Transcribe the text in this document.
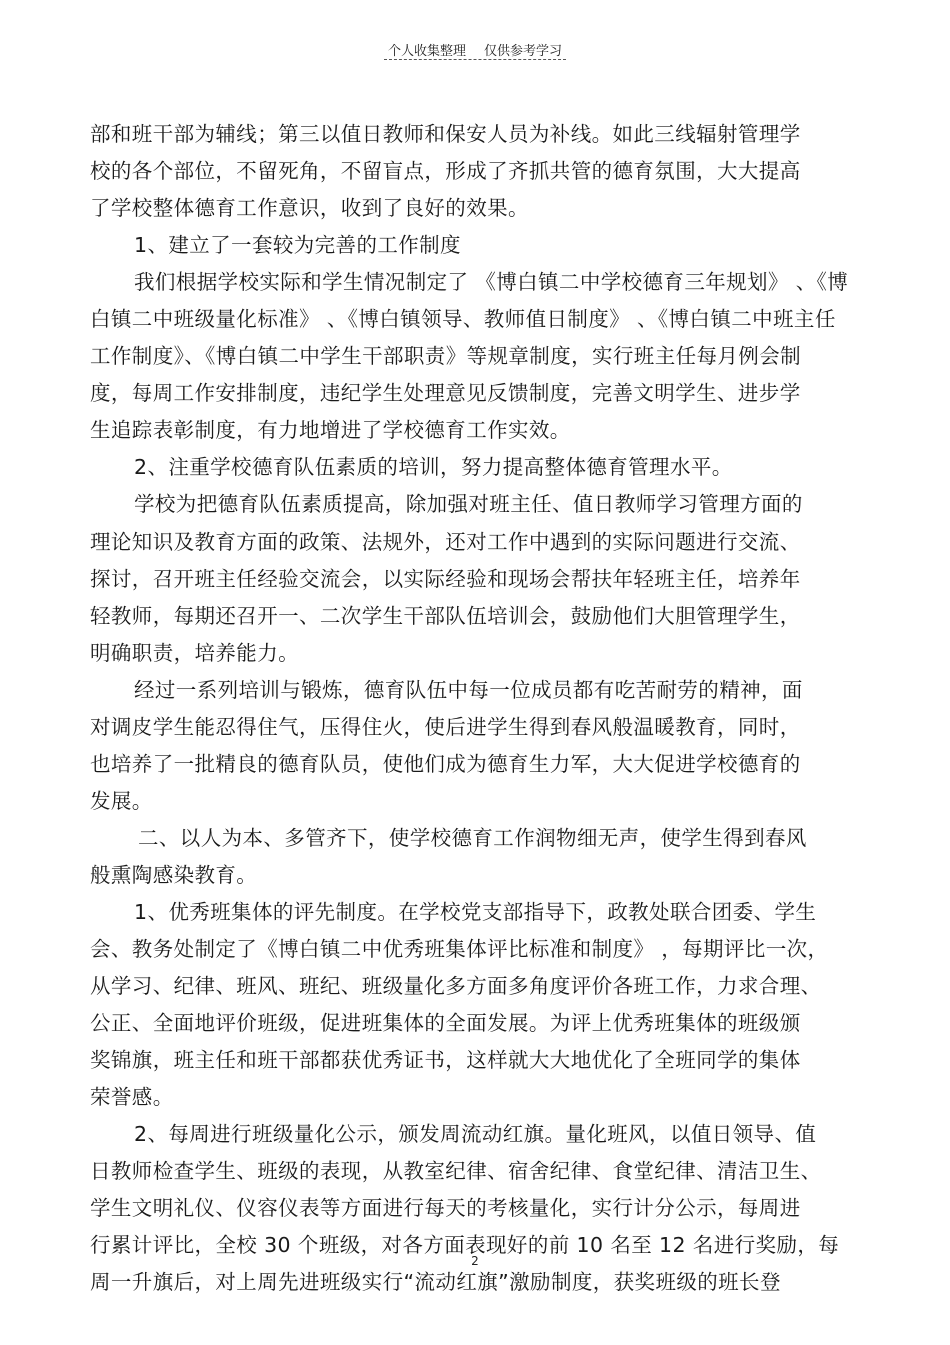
个人收集整理 仅供参考学习
部和班干部为辅线；第三以值日教师和保安人员为补线。如此三线辐射管理学
校的各个部位，不留死角，不留盲点，形成了齐抓共管的德育氛围，大大提高
了学校整体德育工作意识，收到了良好的效果。
1、建立了一套较为完善的工作制度
我们根据学校实际和学生情况制定了 《博白镇二中学校德育三年规划》 、《博
白镇二中班级量化标准》 、《博白镇领导、教师值日制度》 、《博白镇二中班主任
工作制度》、《博白镇二中学生干部职责》等规章制度，实行班主任每月例会制
度，每周工作安排制度，违纪学生处理意见反馈制度，完善文明学生、进步学
生追踪表彰制度，有力地增进了学校德育工作实效。
2、注重学校德育队伍素质的培训，努力提高整体德育管理水平。
学校为把德育队伍素质提高，除加强对班主任、值日教师学习管理方面的
理论知识及教育方面的政策、法规外，还对工作中遇到的实际问题进行交流、
探讨，召开班主任经验交流会，以实际经验和现场会帮扶年轻班主任，培养年
轻教师，每期还召开一、二次学生干部队伍培训会，鼓励他们大胆管理学生，
明确职责，培养能力。
经过一系列培训与锻炼，德育队伍中每一位成员都有吃苦耐劳的精神，面
对调皮学生能忍得住气，压得住火，使后进学生得到春风般温暖教育，同时，
也培养了一批精良的德育队员，使他们成为德育生力军，大大促进学校德育的
发展。
二、以人为本、多管齐下，使学校德育工作润物细无声，使学生得到春风
般熏陶感染教育。
1、优秀班集体的评先制度。在学校党支部指导下，政教处联合团委、学生
会、教务处制定了《博白镇二中优秀班集体评比标准和制度》 ，每期评比一次，
从学习、纪律、班风、班纪、班级量化多方面多角度评价各班工作，力求合理、
公正、全面地评价班级，促进班集体的全面发展。为评上优秀班集体的班级颁
奖锦旗，班主任和班干部都获优秀证书，这样就大大地优化了全班同学的集体
荣誉感。
2、每周进行班级量化公示，颁发周流动红旗。量化班风，以值日领导、值
日教师检查学生、班级的表现，从教室纪律、宿舍纪律、食堂纪律、清洁卫生、
学生文明礼仪、仪容仪表等方面进行每天的考核量化，实行计分公示，每周进
行累计评比，全校 30 个班级，对各方面表现好的前 10 名至 12 名进行奖励，每
周一升旗后，对上周先进班级实行“流动红旗”激励制度，获奖班级的班长登
2
